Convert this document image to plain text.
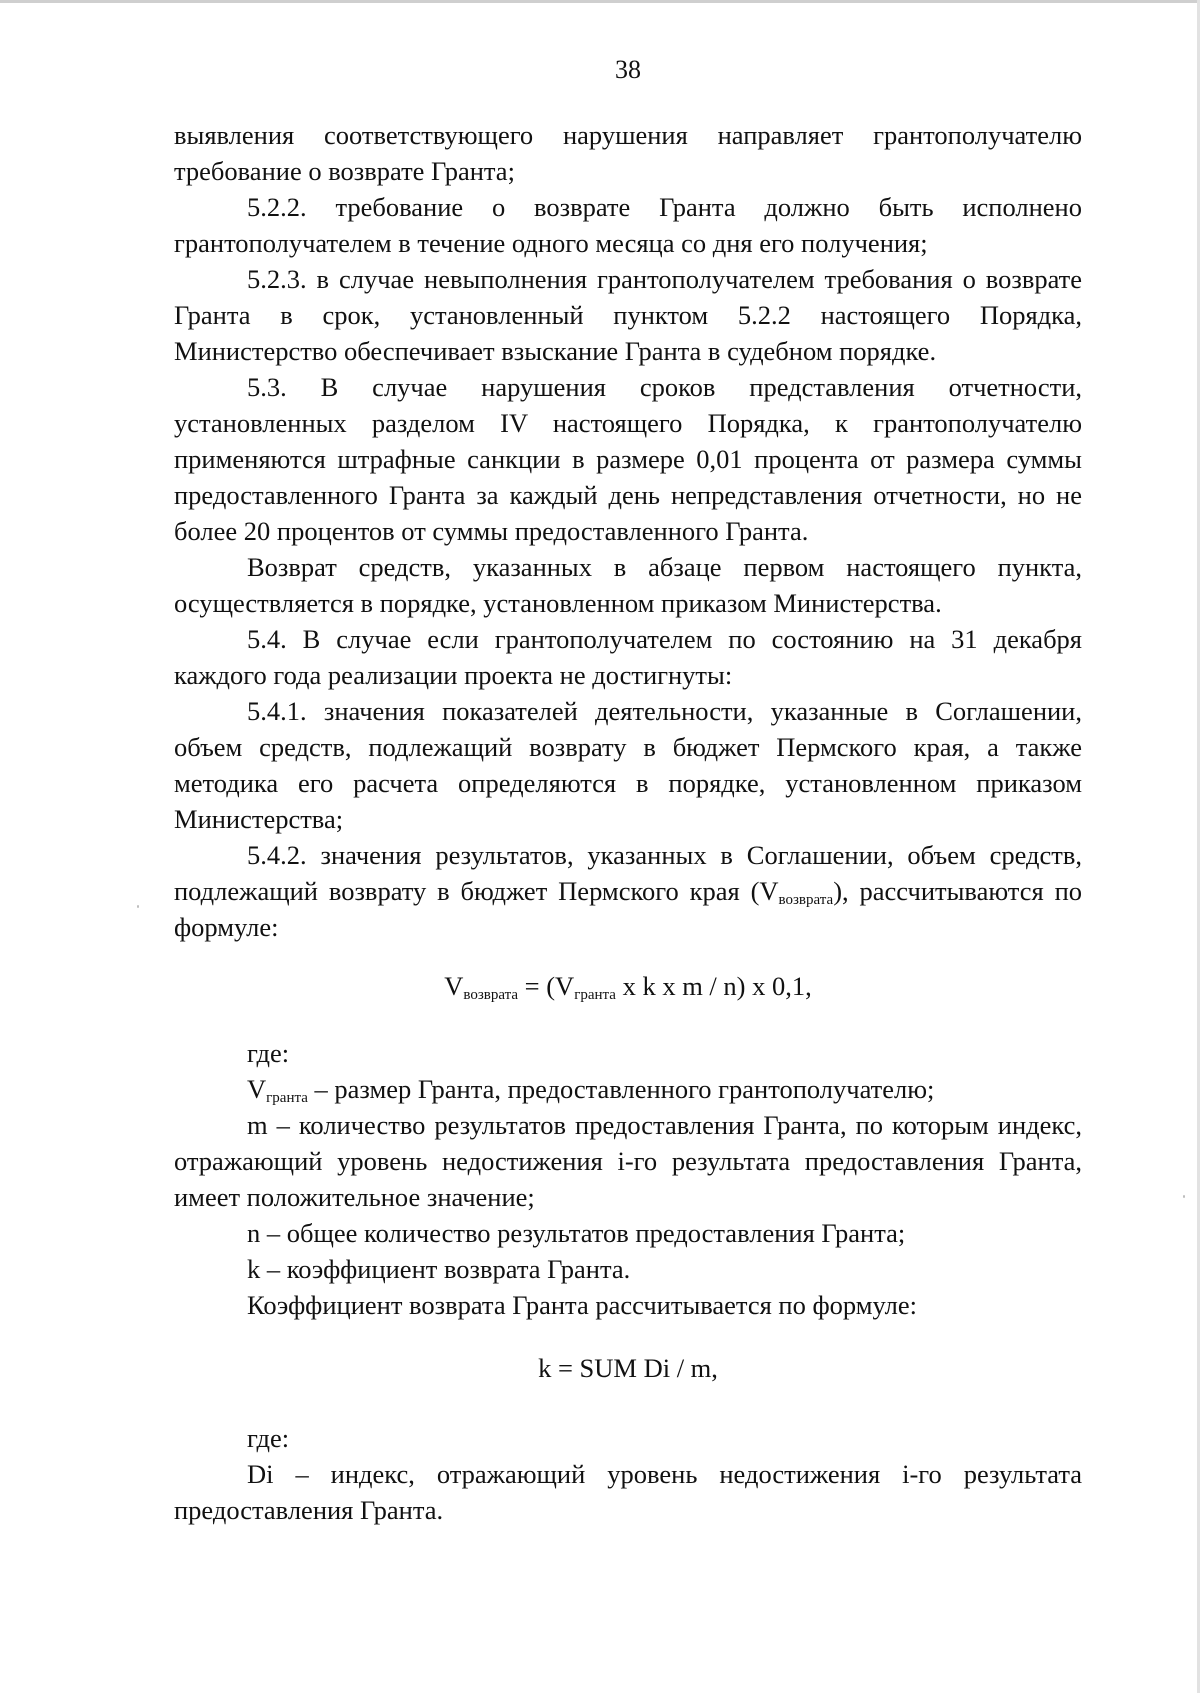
38

выявления соответствующего нарушения направляет грантополучателю требование о возврате Гранта;

5.2.2. требование о возврате Гранта должно быть исполнено грантополучателем в течение одного месяца со дня его получения;

5.2.3. в случае невыполнения грантополучателем требования о возврате Гранта в срок, установленный пунктом 5.2.2 настоящего Порядка, Министерство обеспечивает взыскание Гранта в судебном порядке.

5.3. В случае нарушения сроков представления отчетности, установленных разделом IV настоящего Порядка, к грантополучателю применяются штрафные санкции в размере 0,01 процента от размера суммы предоставленного Гранта за каждый день непредставления отчетности, но не более 20 процентов от суммы предоставленного Гранта.

Возврат средств, указанных в абзаце первом настоящего пункта, осуществляется в порядке, установленном приказом Министерства.

5.4. В случае если грантополучателем по состоянию на 31 декабря каждого года реализации проекта не достигнуты:

5.4.1. значения показателей деятельности, указанные в Соглашении, объем средств, подлежащий возврату в бюджет Пермского края, а также методика его расчета определяются в порядке, установленном приказом Министерства;

5.4.2. значения результатов, указанных в Соглашении, объем средств, подлежащий возврату в бюджет Пермского края $(V_{возврата})$, рассчитываются по формуле:

$V_{возврата} = (V_{гранта}$ x k x m / n) x 0,1,

где:

$V_{гранта}$ – размер Гранта, предоставленного грантополучателю;

m – количество результатов предоставления Гранта, по которым индекс, отражающий уровень недостижения i-го результата предоставления Гранта, имеет положительное значение;

n – общее количество результатов предоставления Гранта;

k – коэффициент возврата Гранта.

Коэффициент возврата Гранта рассчитывается по формуле:

k = SUM Di / m,

где:

Di – индекс, отражающий уровень недостижения i-го результата предоставления Гранта.
